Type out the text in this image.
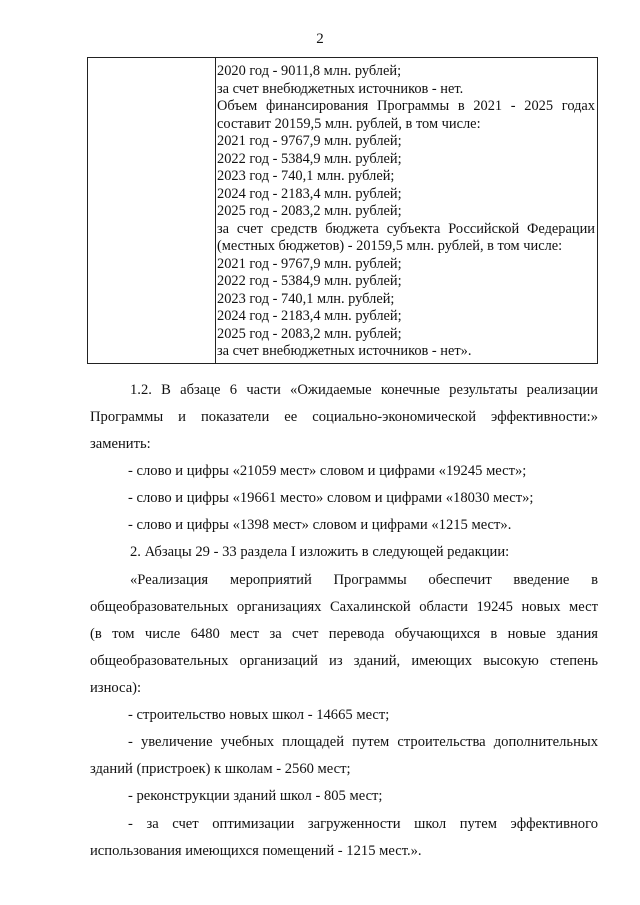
2
2020 год - 9011,8 млн. рублей;
за счет внебюджетных источников - нет.
Объем финансирования Программы в 2021 - 2025 годах
составит 20159,5 млн. рублей, в том числе:
2021 год - 9767,9 млн. рублей;
2022 год - 5384,9 млн. рублей;
2023 год - 740,1 млн. рублей;
2024 год - 2183,4 млн. рублей;
2025 год - 2083,2 млн. рублей;
за счет средств бюджета субъекта Российской Федерации
(местных бюджетов) - 20159,5 млн. рублей, в том числе:
2021 год - 9767,9 млн. рублей;
2022 год - 5384,9 млн. рублей;
2023 год - 740,1 млн. рублей;
2024 год - 2183,4 млн. рублей;
2025 год - 2083,2 млн. рублей;
за счет внебюджетных источников - нет».
1.2. В абзаце 6 части «Ожидаемые конечные результаты реализации
Программы и показатели ее социально-экономической эффективности:»
заменить:
- слово и цифры «21059 мест» словом и цифрами «19245 мест»;
- слово и цифры «19661 место» словом и цифрами «18030 мест»;
- слово и цифры «1398 мест» словом и цифрами «1215 мест».
2. Абзацы 29 - 33 раздела I изложить в следующей редакции:
«Реализация мероприятий Программы обеспечит введение в
общеобразовательных организациях Сахалинской области 19245 новых мест
(в том числе 6480 мест за счет перевода обучающихся в новые здания
общеобразовательных организаций из зданий, имеющих высокую степень
износа):
- строительство новых школ - 14665 мест;
- увеличение учебных площадей путем строительства дополнительных
зданий (пристроек) к школам - 2560 мест;
- реконструкции зданий школ - 805 мест;
- за счет оптимизации загруженности школ путем эффективного
использования имеющихся помещений - 1215 мест.».
